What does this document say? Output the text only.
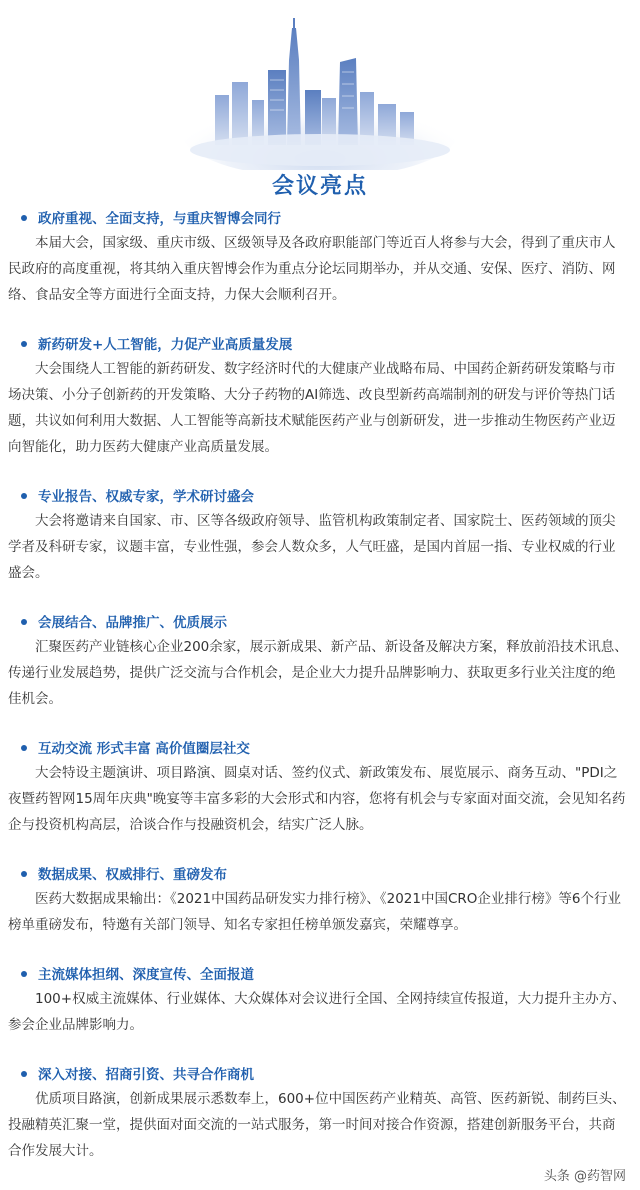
会议亮点
政府重视、全面支持，与重庆智博会同行

本届大会，国家级、重庆市级、区级领导及各政府职能部门等近百人将参与大会，得到了重庆市人民政府的高度重视，将其纳入重庆智博会作为重点分论坛同期举办，并从交通、安保、医疗、消防、网络、食品安全等方面进行全面支持，力保大会顺利召开。

新药研发+人工智能，力促产业高质量发展

大会围绕人工智能的新药研发、数字经济时代的大健康产业战略布局、中国药企新药研发策略与市场决策、小分子创新药的开发策略、大分子药物的AI筛选、改良型新药高端制剂的研发与评价等热门话题，共议如何利用大数据、人工智能等高新技术赋能医药产业与创新研发，进一步推动生物医药产业迈向智能化，助力医药大健康产业高质量发展。

专业报告、权威专家，学术研讨盛会

大会将邀请来自国家、市、区等各级政府领导、监管机构政策制定者、国家院士、医药领域的顶尖学者及科研专家，议题丰富，专业性强，参会人数众多，人气旺盛，是国内首屈一指、专业权威的行业盛会。

会展结合、品牌推广、优质展示

汇聚医药产业链核心企业200余家，展示新成果、新产品、新设备及解决方案，释放前沿技术讯息、传递行业发展趋势，提供广泛交流与合作机会，是企业大力提升品牌影响力、获取更多行业关注度的绝佳机会。

互动交流 形式丰富 高价值圈层社交

大会特设主题演讲、项目路演、圆桌对话、签约仪式、新政策发布、展览展示、商务互动、"PDI之夜暨药智网15周年庆典"晚宴等丰富多彩的大会形式和内容，您将有机会与专家面对面交流，会见知名药企与投资机构高层，洽谈合作与投融资机会，结实广泛人脉。

数据成果、权威排行、重磅发布

医药大数据成果输出：《2021中国药品研发实力排行榜》、《2021中国CRO企业排行榜》等6个行业榜单重磅发布，特邀有关部门领导、知名专家担任榜单颁发嘉宾，荣耀尊享。

主流媒体担纲、深度宣传、全面报道

100+权威主流媒体、行业媒体、大众媒体对会议进行全国、全网持续宣传报道，大力提升主办方、参会企业品牌影响力。

深入对接、招商引资、共寻合作商机

优质项目路演，创新成果展示悉数奉上，600+位中国医药产业精英、高管、医药新锐、制药巨头、投融精英汇聚一堂，提供面对面交流的一站式服务，第一时间对接合作资源，搭建创新服务平台，共商合作发展大计。

头条 @药智网
